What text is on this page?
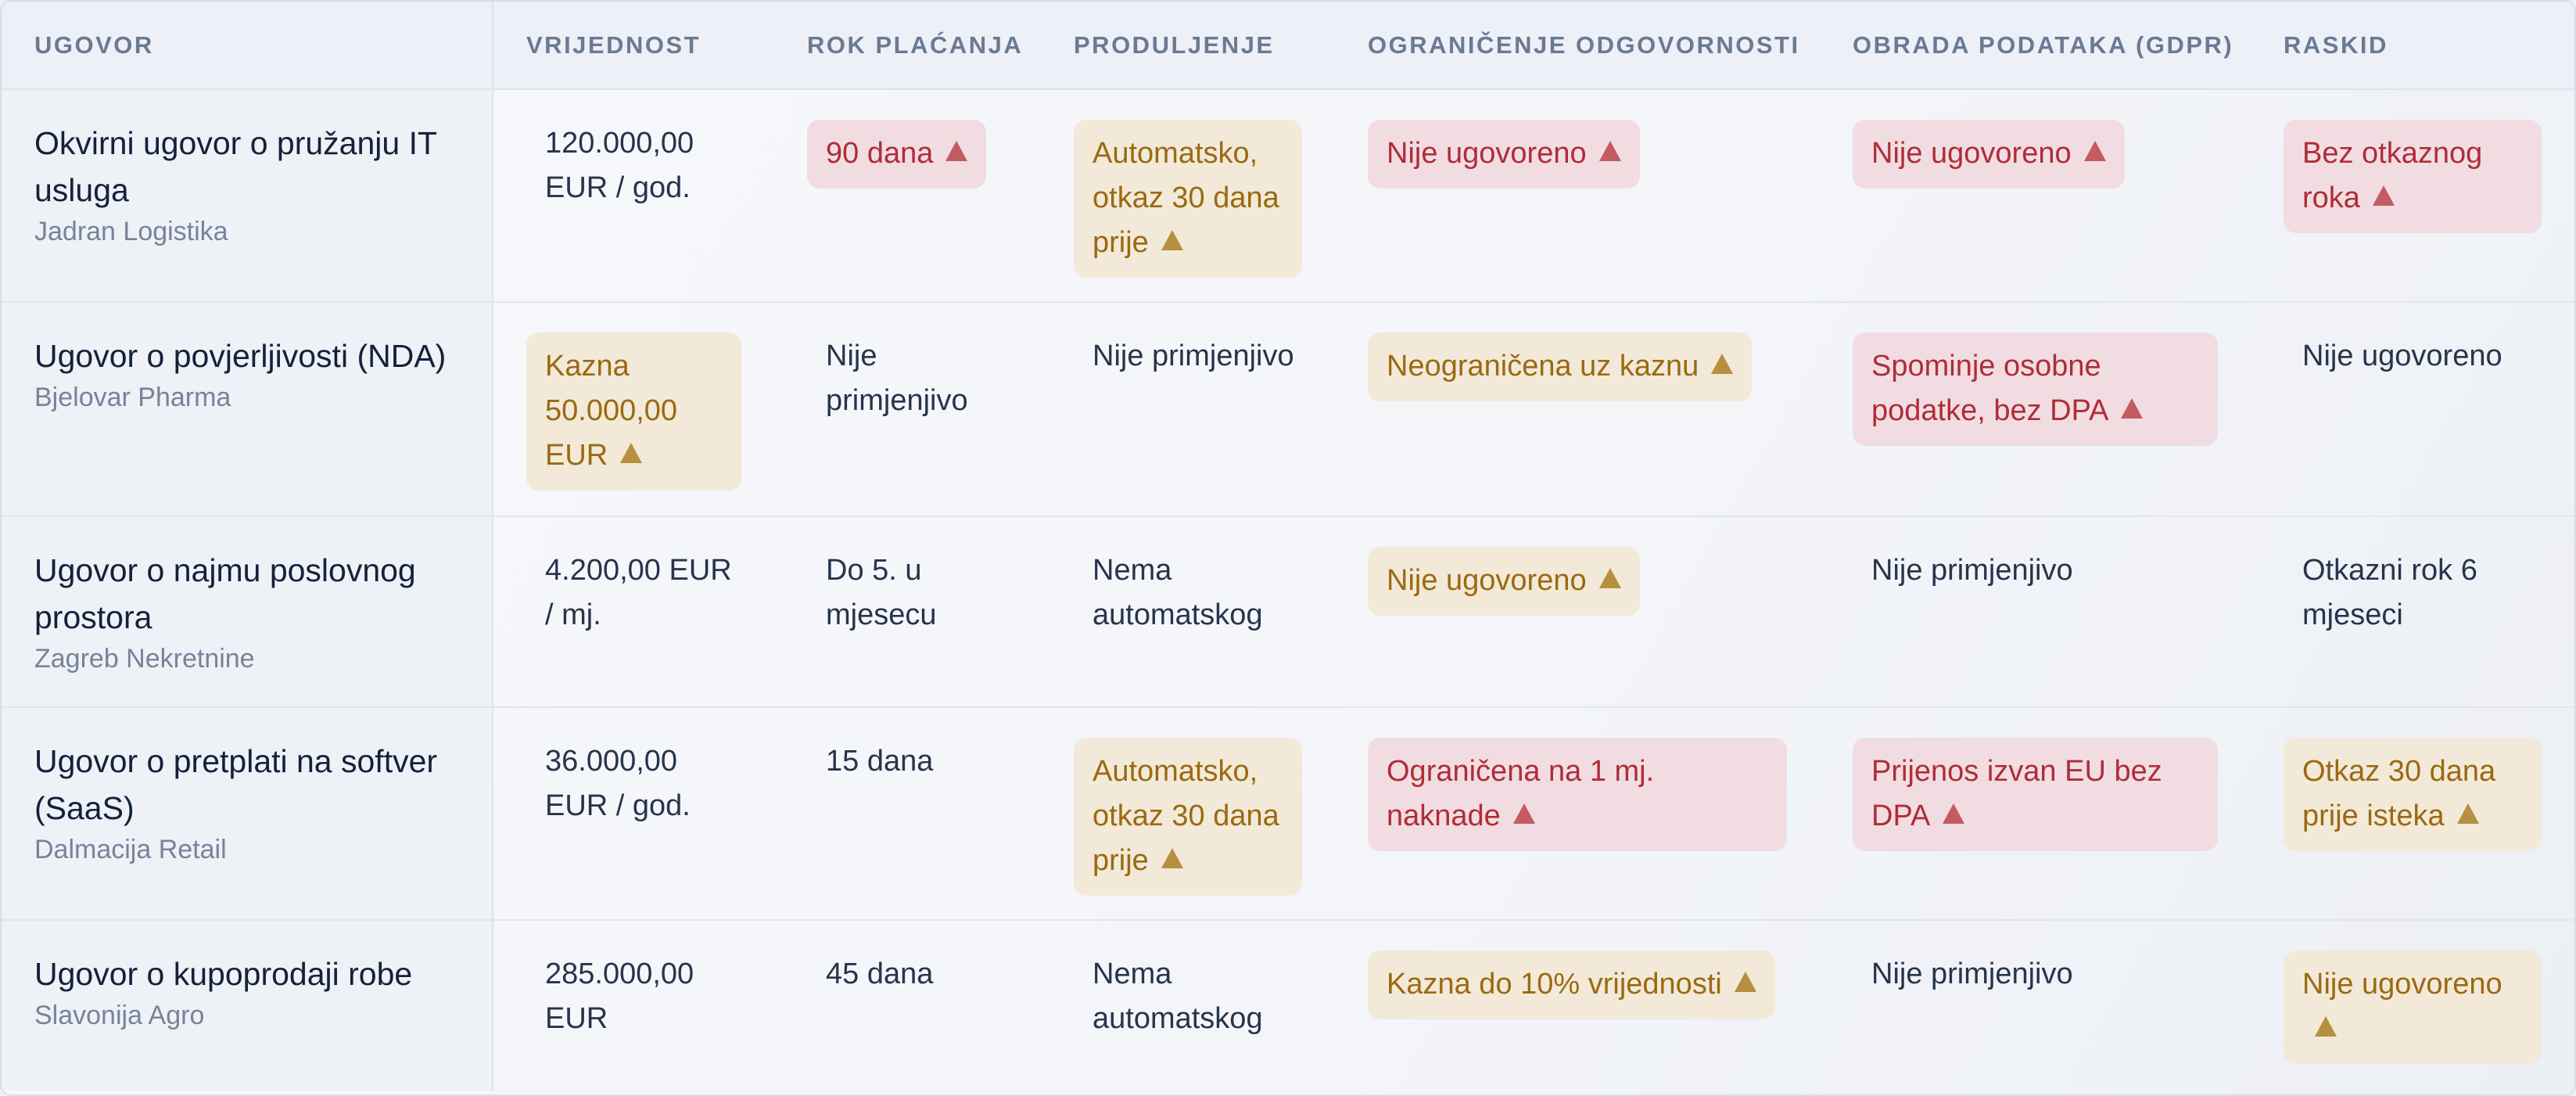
UGOVOR	VRIJEDNOST	ROK PLAĆANJA	PRODULJENJE	OGRANIČENJE ODGOVORNOSTI	OBRADA PODATAKA (GDPR)	RASKID

Okvirni ugovor o pružanju IT usluga
Jadran Logistika	120.000,00 EUR / god.	90 dana	Automatsko, otkaz 30 dana prije	Nije ugovoreno	Nije ugovoreno	Bez otkaznog roka

Ugovor o povjerljivosti (NDA)
Bjelovar Pharma	Kazna 50.000,00 EUR	Nije primjenjivo	Nije primjenjivo	Neograničena uz kaznu	Spominje osobne podatke, bez DPA	Nije ugovoreno

Ugovor o najmu poslovnog prostora
Zagreb Nekretnine	4.200,00 EUR / mj.	Do 5. u mjesecu	Nema automatskog	Nije ugovoreno	Nije primjenjivo	Otkazni rok 6 mjeseci

Ugovor o pretplati na softver (SaaS)
Dalmacija Retail	36.000,00 EUR / god.	15 dana	Automatsko, otkaz 30 dana prije	Ograničena na 1 mj. naknade	Prijenos izvan EU bez DPA	Otkaz 30 dana prije isteka

Ugovor o kupoprodaji robe
Slavonija Agro	285.000,00 EUR	45 dana	Nema automatskog	Kazna do 10% vrijednosti	Nije primjenjivo	Nije ugovoreno
